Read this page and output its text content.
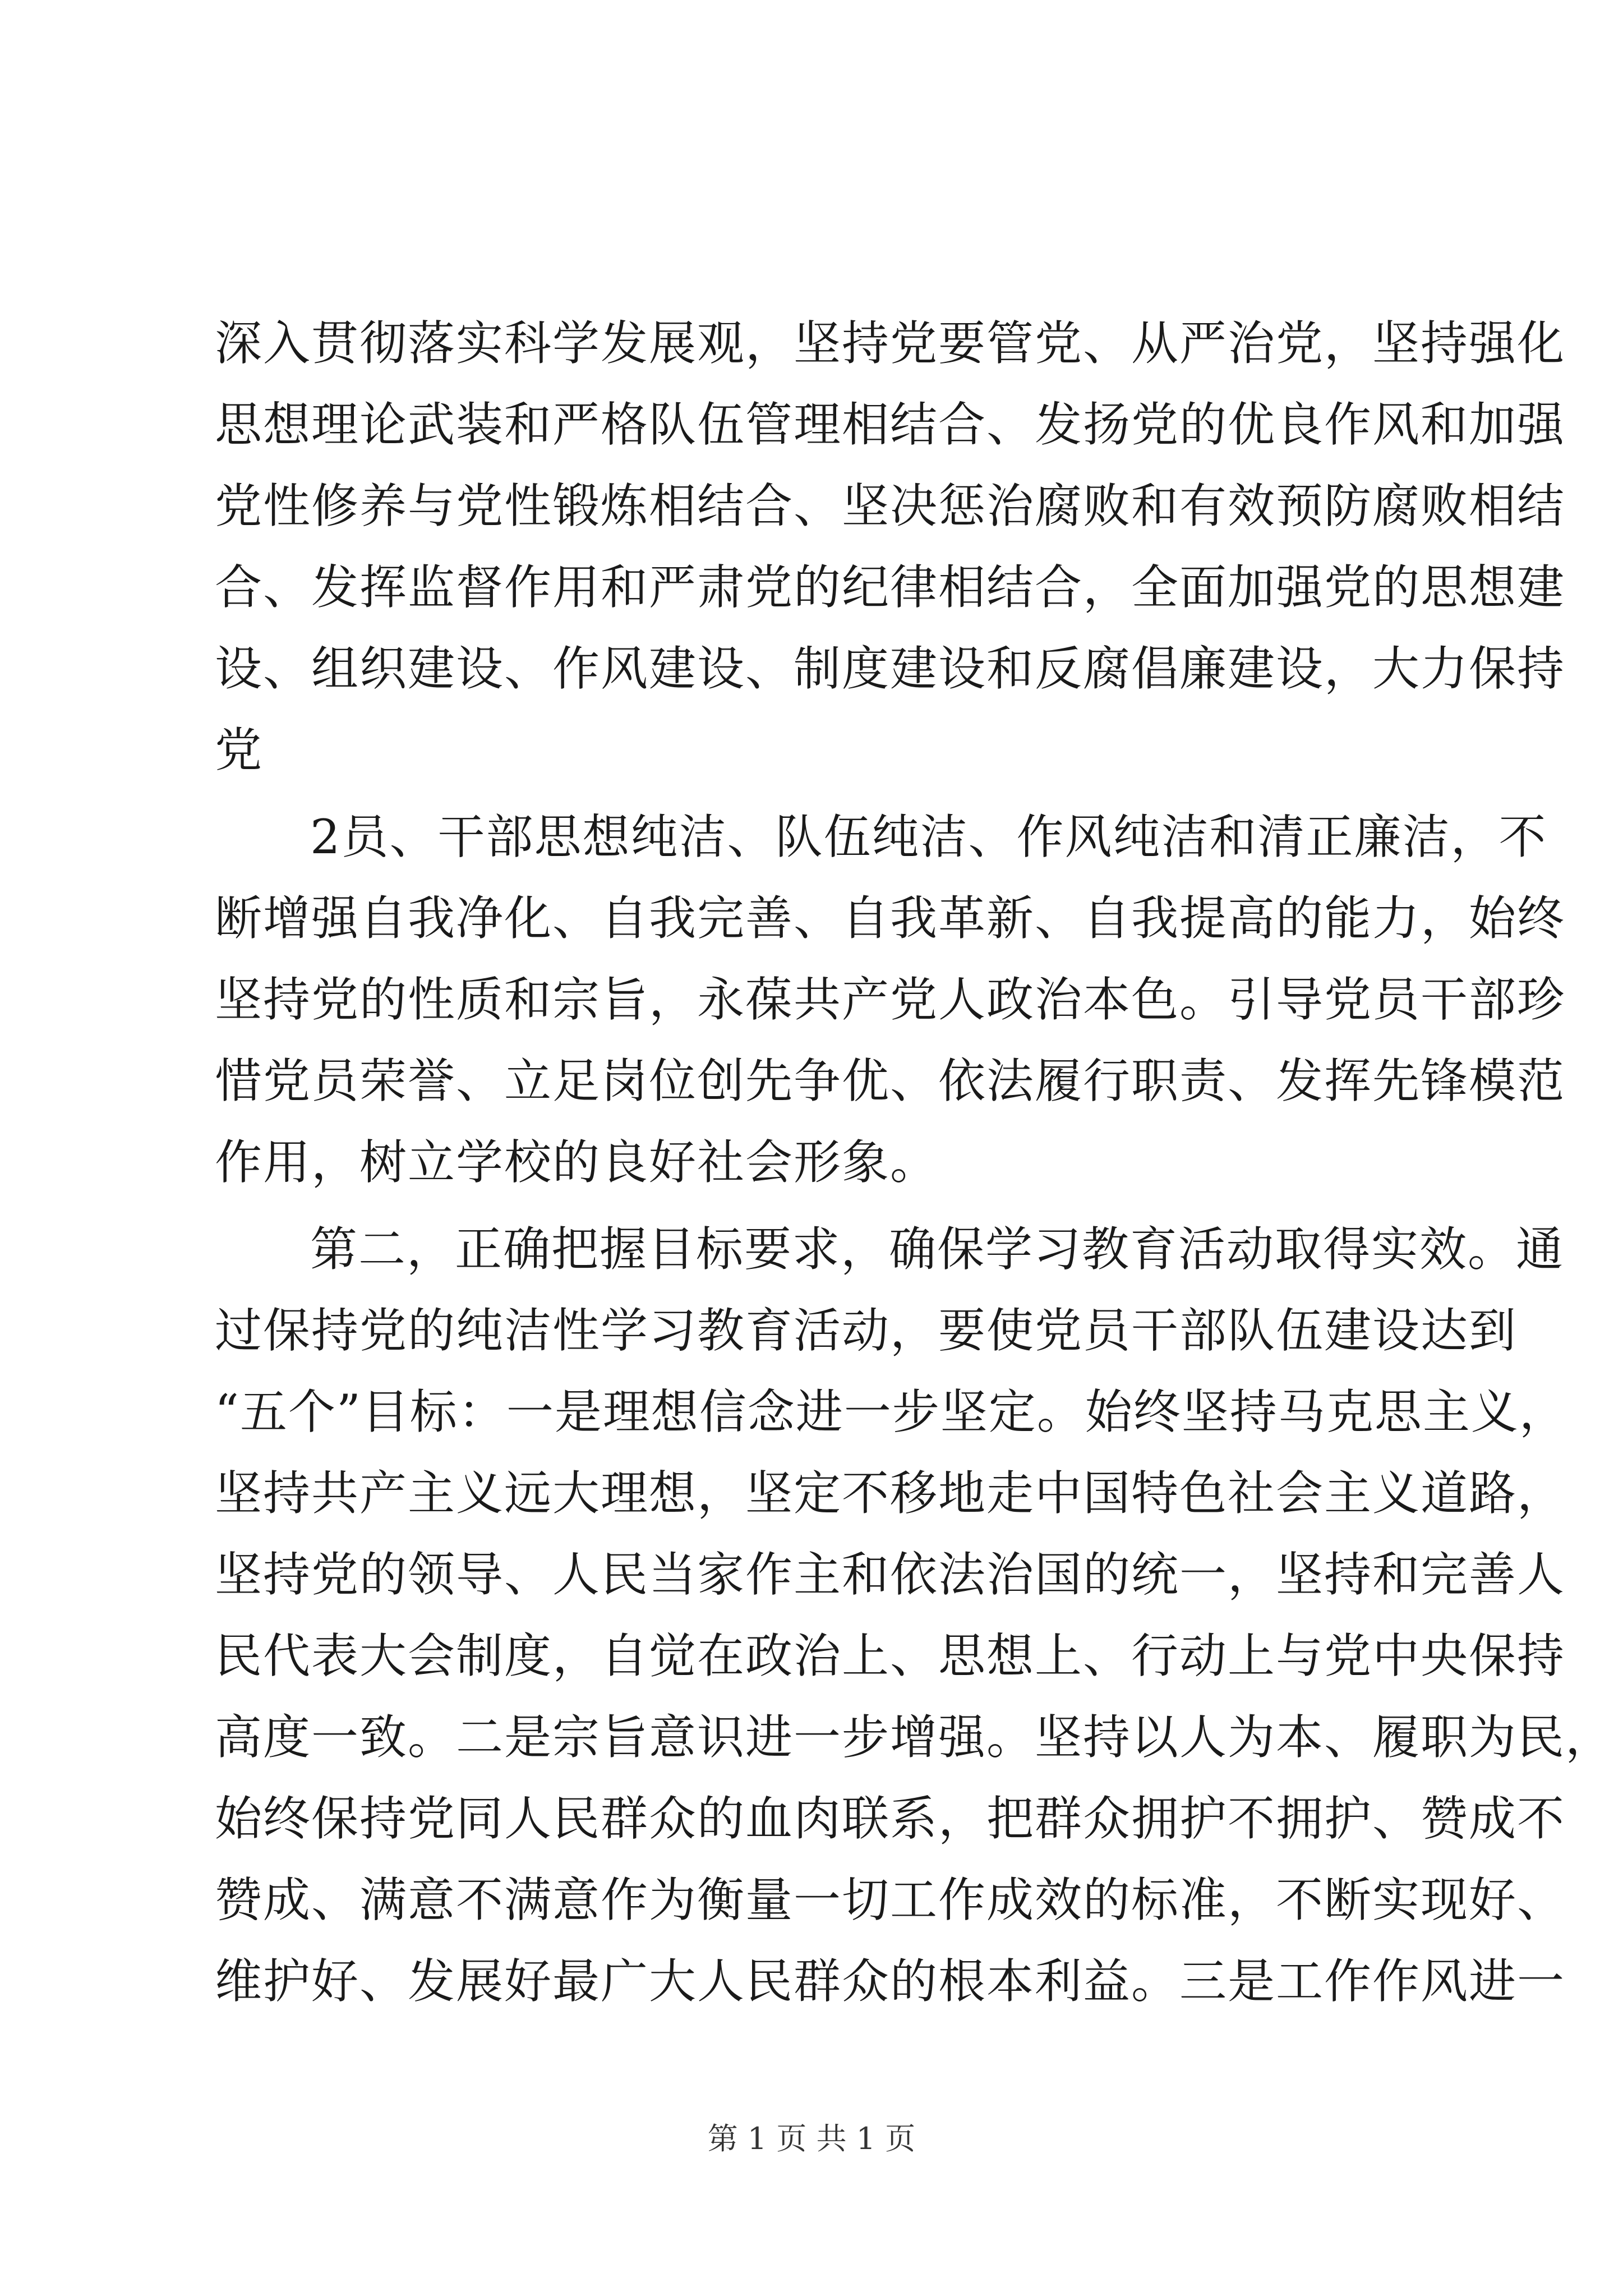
深入贯彻落实科学发展观，坚持党要管党、从严治党，坚持强化
思想理论武装和严格队伍管理相结合、发扬党的优良作风和加强
党性修养与党性锻炼相结合、坚决惩治腐败和有效预防腐败相结
合、发挥监督作用和严肃党的纪律相结合，全面加强党的思想建
设、组织建设、作风建设、制度建设和反腐倡廉建设，大力保持
党
2员、干部思想纯洁、队伍纯洁、作风纯洁和清正廉洁，不
断增强自我净化、自我完善、自我革新、自我提高的能力，始终
坚持党的性质和宗旨，永葆共产党人政治本色。引导党员干部珍
惜党员荣誉、立足岗位创先争优、依法履行职责、发挥先锋模范
作用，树立学校的良好社会形象。
第二，正确把握目标要求，确保学习教育活动取得实效。通
过保持党的纯洁性学习教育活动，要使党员干部队伍建设达到
“五个”目标：一是理想信念进一步坚定。始终坚持马克思主义，
坚持共产主义远大理想，坚定不移地走中国特色社会主义道路，
坚持党的领导、人民当家作主和依法治国的统一，坚持和完善人
民代表大会制度，自觉在政治上、思想上、行动上与党中央保持
高度一致。二是宗旨意识进一步增强。坚持以人为本、履职为民，
始终保持党同人民群众的血肉联系，把群众拥护不拥护、赞成不
赞成、满意不满意作为衡量一切工作成效的标准，不断实现好、
维护好、发展好最广大人民群众的根本利益。三是工作作风进一
第 1 页 共 1 页
